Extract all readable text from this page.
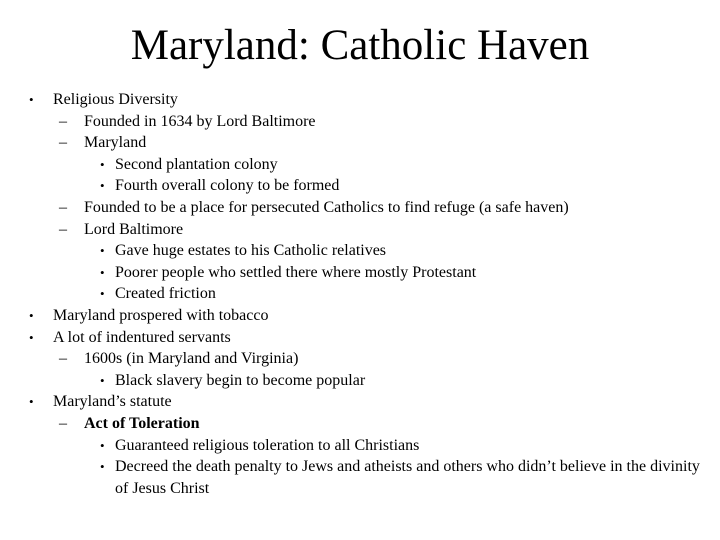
Maryland: Catholic Haven
• Religious Diversity
– Founded in 1634 by Lord Baltimore
– Maryland
• Second plantation colony
• Fourth overall colony to be formed
– Founded to be a place for persecuted Catholics to find refuge (a safe haven)
– Lord Baltimore
• Gave huge estates to his Catholic relatives
• Poorer people who settled there where mostly Protestant
• Created friction
• Maryland prospered with tobacco
• A lot of indentured servants
– 1600s (in Maryland and Virginia)
• Black slavery begin to become popular
• Maryland’s statute
– Act of Toleration
• Guaranteed religious toleration to all Christians
• Decreed the death penalty to Jews and atheists and others who didn’t believe in the divinity of Jesus Christ
